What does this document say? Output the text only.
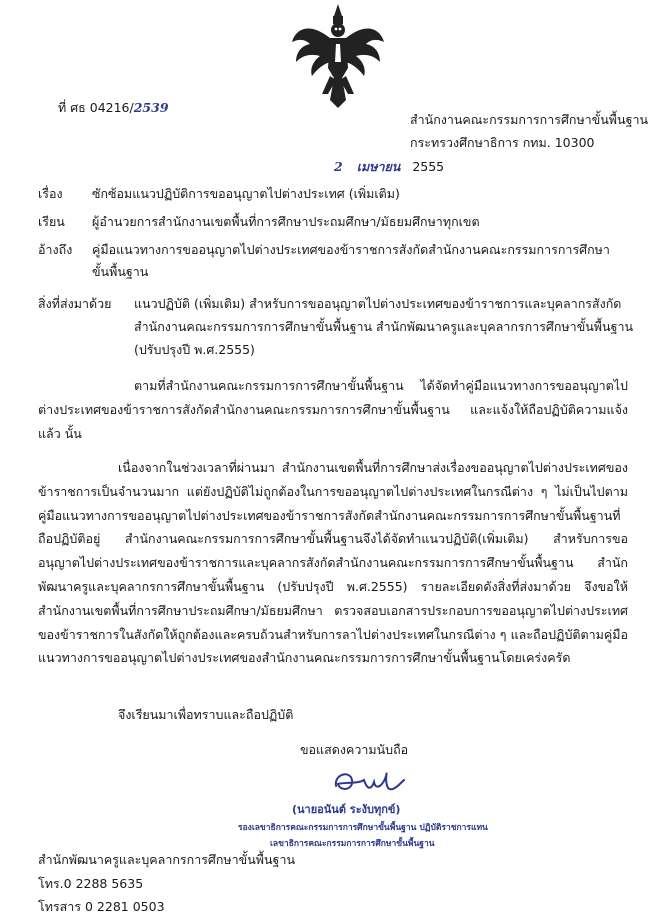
ที่ ศธ 04216/2539
สำนักงานคณะกรรมการการศึกษาขั้นพื้นฐาน
กระทรวงศึกษาธิการ กทม. 10300
2 เมษายน 2555
เรื่อง ซักซ้อมแนวปฏิบัติการขออนุญาตไปต่างประเทศ (เพิ่มเติม)
เรียน ผู้อำนวยการสำนักงานเขตพื้นที่การศึกษาประถมศึกษา/มัธยมศึกษาทุกเขต
อ้างถึง คู่มือแนวทางการขออนุญาตไปต่างประเทศของข้าราชการสังกัดสำนักงานคณะกรรมการการศึกษา
ขั้นพื้นฐาน
สิ่งที่ส่งมาด้วย แนวปฏิบัติ (เพิ่มเติม) สำหรับการขออนุญาตไปต่างประเทศของข้าราชการและบุคลากรสังกัด
สำนักงานคณะกรรมการการศึกษาขั้นพื้นฐาน สำนักพัฒนาครูและบุคลากรการศึกษาขั้นพื้นฐาน
(ปรับปรุงปี พ.ศ.2555)
ตามที่สำนักงานคณะกรรมการการศึกษาขั้นพื้นฐาน ได้จัดทำคู่มือแนวทางการขออนุญาตไปต่างประเทศของข้าราชการสังกัดสำนักงานคณะกรรมการการศึกษาขั้นพื้นฐาน และแจ้งให้ถือปฏิบัติความแจ้งแล้ว นั้น
เนื่องจากในช่วงเวลาที่ผ่านมา สำนักงานเขตพื้นที่การศึกษาส่งเรื่องขออนุญาตไปต่างประเทศของข้าราชการเป็นจำนวนมาก แต่ยังปฏิบัติไม่ถูกต้องในการขออนุญาตไปต่างประเทศในกรณีต่าง ๆ ไม่เป็นไปตามคู่มือแนวทางการขออนุญาตไปต่างประเทศของข้าราชการสังกัดสำนักงานคณะกรรมการการศึกษาขั้นพื้นฐานที่ถือปฏิบัติอยู่ สำนักงานคณะกรรมการการศึกษาขั้นพื้นฐานจึงได้จัดทำแนวปฏิบัติ(เพิ่มเติม) สำหรับการขออนุญาตไปต่างประเทศของข้าราชการและบุคลากรสังกัดสำนักงานคณะกรรมการการศึกษาขั้นพื้นฐาน สำนักพัฒนาครูและบุคลากรการศึกษาขั้นพื้นฐาน (ปรับปรุงปี พ.ศ.2555) รายละเอียดดังสิ่งที่ส่งมาด้วย จึงขอให้สำนักงานเขตพื้นที่การศึกษาประถมศึกษา/มัธยมศึกษา ตรวจสอบเอกสารประกอบการขออนุญาตไปต่างประเทศของข้าราชการในสังกัดให้ถูกต้องและครบถ้วนสำหรับการลาไปต่างประเทศในกรณีต่าง ๆ และถือปฏิบัติตามคู่มือแนวทางการขออนุญาตไปต่างประเทศของสำนักงานคณะกรรมการการศึกษาขั้นพื้นฐานโดยเคร่งครัด
จึงเรียนมาเพื่อทราบและถือปฏิบัติ
ขอแสดงความนับถือ
(นายอนันต์ ระงับทุกข์)
รองเลขาธิการคณะกรรมการการศึกษาขั้นพื้นฐาน ปฏิบัติราชการแทน
เลขาธิการคณะกรรมการการศึกษาขั้นพื้นฐาน
สำนักพัฒนาครูและบุคลากรการศึกษาขั้นพื้นฐาน
โทร.0 2288 5635
โทรสาร 0 2281 0503
